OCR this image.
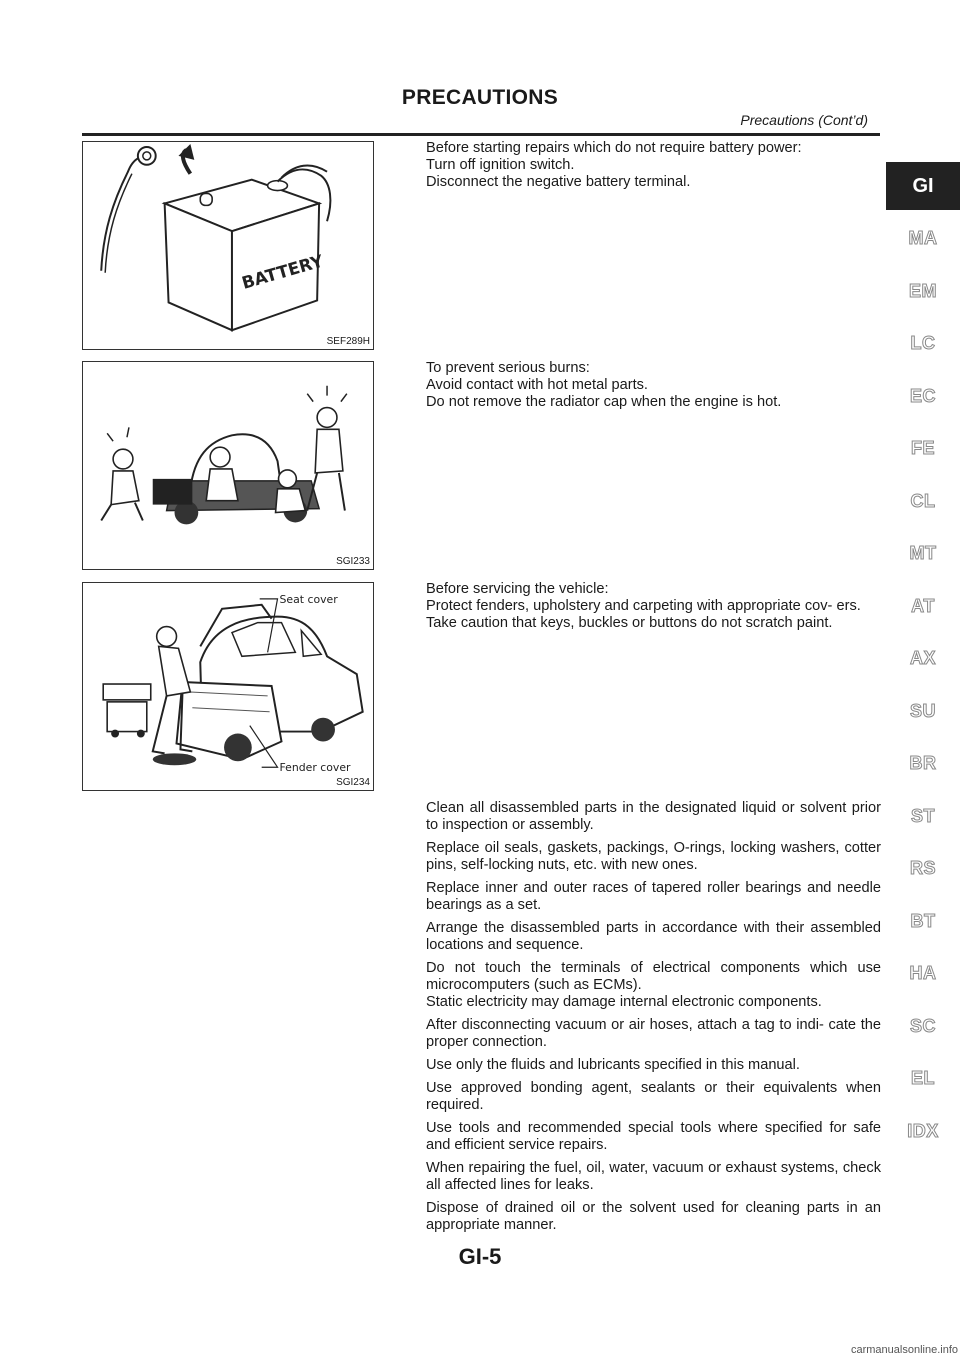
PRECAUTIONS
Precautions (Cont’d)
BATTERY
SEF289H
SGI233
Seat cover
Fender cover
SGI234

Before starting repairs which do not require battery power:

Turn off ignition switch.

Disconnect the negative battery terminal.

To prevent serious burns:

Avoid contact with hot metal parts.

Do not remove the radiator cap when the engine is hot.

Before servicing the vehicle:

Protect fenders, upholstery and carpeting with appropriate cov- ers.

Take caution that keys, buckles or buttons do not scratch paint.

Clean all disassembled parts in the designated liquid or solvent prior to inspection or assembly.

Replace oil seals, gaskets, packings, O-rings, locking washers, cotter pins, self-locking nuts, etc. with new ones.

Replace inner and outer races of tapered roller bearings and needle bearings as a set.

Arrange the disassembled parts in accordance with their assembled locations and sequence.

Do not touch the terminals of electrical components which use microcomputers (such as ECMs).

Static electricity may damage internal electronic components.

After disconnecting vacuum or air hoses, attach a tag to indi- cate the proper connection.

Use only the fluids and lubricants specified in this manual.

Use approved bonding agent, sealants or their equivalents when required.

Use tools and recommended special tools where specified for safe and efficient service repairs.

When repairing the fuel, oil, water, vacuum or exhaust systems, check all affected lines for leaks.

Dispose of drained oil or the solvent used for cleaning parts in an appropriate manner.

GI
MA
EM
LC
EC
FE
CL
MT
AT
AX
SU
BR
ST
RS
BT
HA
SC
EL
IDX
GI-5
carmanualsonline.info
